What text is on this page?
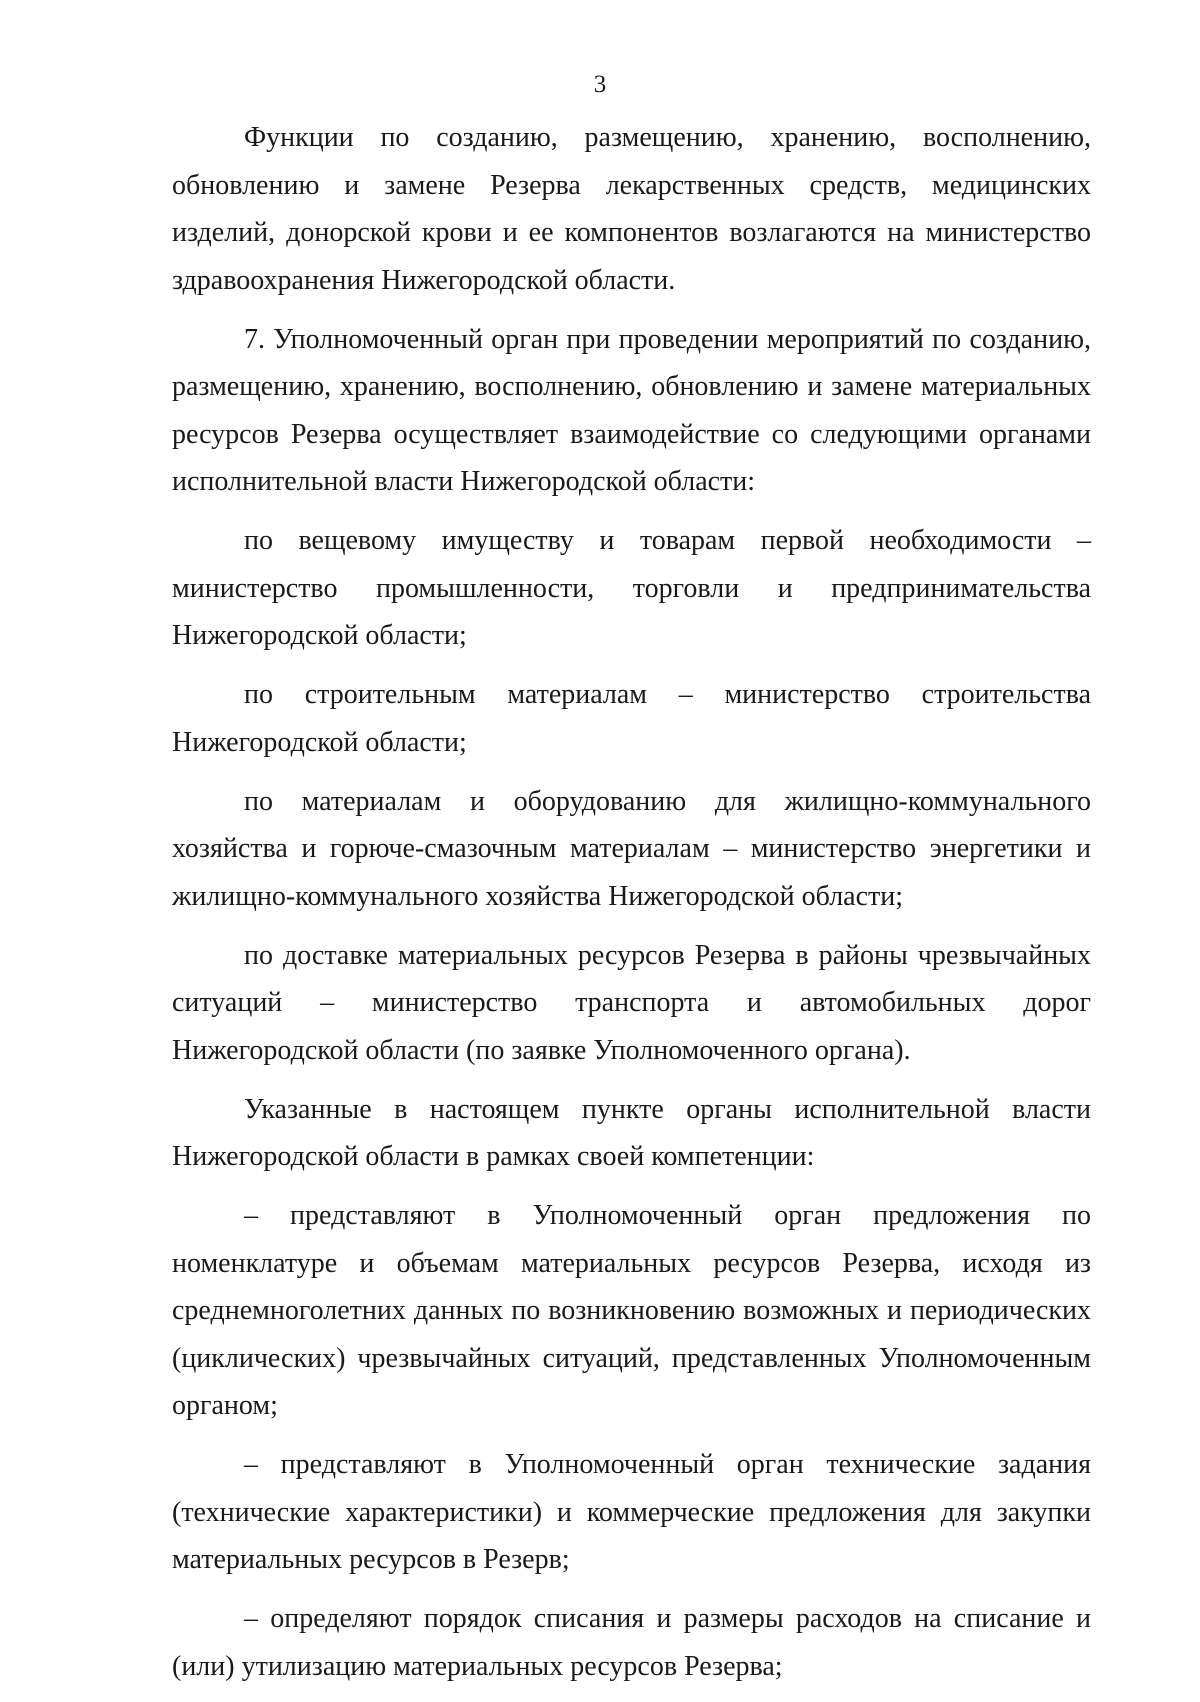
3

Функции по созданию, размещению, хранению, восполнению, обновлению и замене Резерва лекарственных средств, медицинских изделий, донорской крови и ее компонентов возлагаются на министерство здравоохранения Нижегородской области.

7. Уполномоченный орган при проведении мероприятий по созданию, размещению, хранению, восполнению, обновлению и замене материальных ресурсов Резерва осуществляет взаимодействие со следующими органами исполнительной власти Нижегородской области:

по вещевому имуществу и товарам первой необходимости – министерство промышленности, торговли и предпринимательства Нижегородской области;

по строительным материалам – министерство строительства Нижегородской области;

по материалам и оборудованию для жилищно-коммунального хозяйства и горюче-смазочным материалам – министерство энергетики и жилищно-коммунального хозяйства Нижегородской области;

по доставке материальных ресурсов Резерва в районы чрезвычайных ситуаций – министерство транспорта и автомобильных дорог Нижегородской области (по заявке Уполномоченного органа).

Указанные в настоящем пункте органы исполнительной власти Нижегородской области в рамках своей компетенции:

– представляют в Уполномоченный орган предложения по номенклатуре и объемам материальных ресурсов Резерва, исходя из среднемноголетних данных по возникновению возможных и периодических (циклических) чрезвычайных ситуаций, представленных Уполномоченным органом;

– представляют в Уполномоченный орган технические задания (технические характеристики) и коммерческие предложения для закупки материальных ресурсов в Резерв;

– определяют порядок списания и размеры расходов на списание и (или) утилизацию материальных ресурсов Резерва;
